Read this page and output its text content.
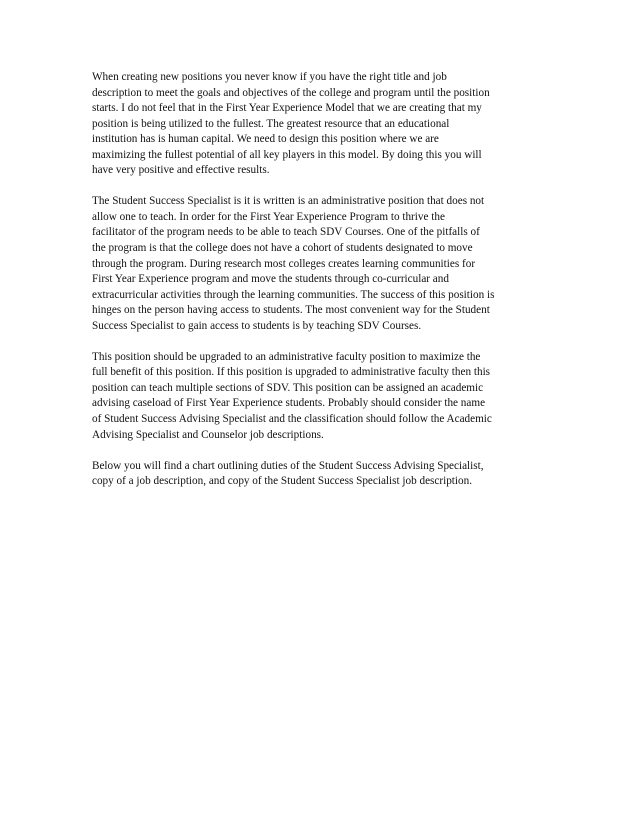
When creating new positions you never know if you have the right title and job
description to meet the goals and objectives of the college and program until the position
starts. I do not feel that in the First Year Experience Model that we are creating that my
position is being utilized to the fullest. The greatest resource that an educational
institution has is human capital. We need to design this position where we are
maximizing the fullest potential of all key players in this model. By doing this you will
have very positive and effective results.

The Student Success Specialist is it is written is an administrative position that does not
allow one to teach. In order for the First Year Experience Program to thrive the
facilitator of the program needs to be able to teach SDV Courses. One of the pitfalls of
the program is that the college does not have a cohort of students designated to move
through the program. During research most colleges creates learning communities for
First Year Experience program and move the students through co-curricular and
extracurricular activities through the learning communities. The success of this position is
hinges on the person having access to students. The most convenient way for the Student
Success Specialist to gain access to students is by teaching SDV Courses.

This position should be upgraded to an administrative faculty position to maximize the
full benefit of this position. If this position is upgraded to administrative faculty then this
position can teach multiple sections of SDV. This position can be assigned an academic
advising caseload of First Year Experience students. Probably should consider the name
of Student Success Advising Specialist and the classification should follow the Academic
Advising Specialist and Counselor job descriptions.

Below you will find a chart outlining duties of the Student Success Advising Specialist,
copy of a job description, and copy of the Student Success Specialist job description.
